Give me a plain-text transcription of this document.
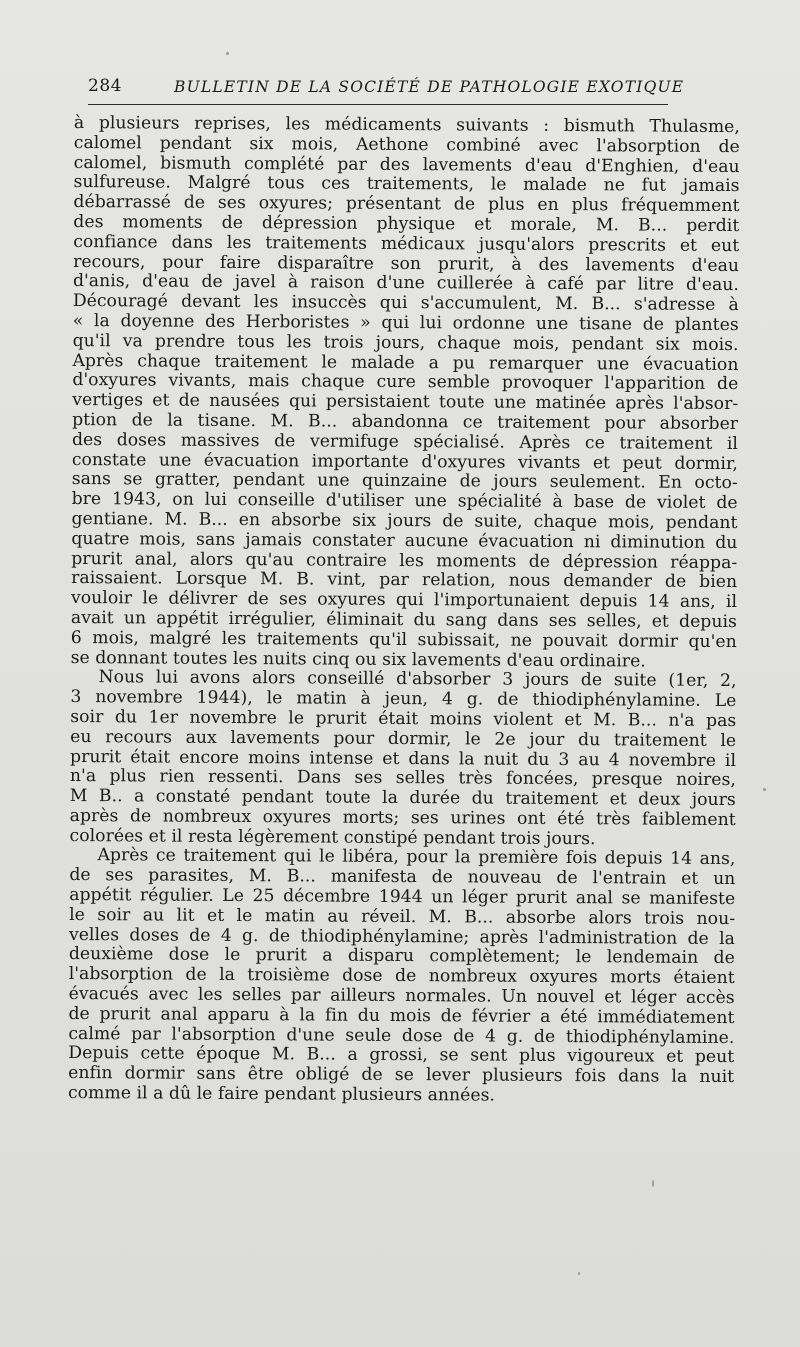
284	BULLETIN DE LA SOCIÉTÉ DE PATHOLOGIE EXOTIQUE
à plusieurs reprises, les médicaments suivants : bismuth Thulasme,
calomel pendant six mois, Aethone combiné avec l'absorption de
calomel, bismuth complété par des lavements d'eau d'Enghien, d'eau
sulfureuse. Malgré tous ces traitements, le malade ne fut jamais
débarrassé de ses oxyures; présentant de plus en plus fréquemment
des moments de dépression physique et morale, M. B... perdit
confiance dans les traitements médicaux jusqu'alors prescrits et eut
recours, pour faire disparaître son prurit, à des lavements d'eau
d'anis, d'eau de javel à raison d'une cuillerée à café par litre d'eau.
Découragé devant les insuccès qui s'accumulent, M. B... s'adresse à
« la doyenne des Herboristes » qui lui ordonne une tisane de plantes
qu'il va prendre tous les trois jours, chaque mois, pendant six mois.
Après chaque traitement le malade a pu remarquer une évacuation
d'oxyures vivants, mais chaque cure semble provoquer l'apparition de
vertiges et de nausées qui persistaient toute une matinée après l'absor-
ption de la tisane. M. B... abandonna ce traitement pour absorber
des doses massives de vermifuge spécialisé. Après ce traitement il
constate une évacuation importante d'oxyures vivants et peut dormir,
sans se gratter, pendant une quinzaine de jours seulement. En octo-
bre 1943, on lui conseille d'utiliser une spécialité à base de violet de
gentiane. M. B... en absorbe six jours de suite, chaque mois, pendant
quatre mois, sans jamais constater aucune évacuation ni diminution du
prurit anal, alors qu'au contraire les moments de dépression réappa-
raissaient. Lorsque M. B. vint, par relation, nous demander de bien
vouloir le délivrer de ses oxyures qui l'importunaient depuis 14 ans, il
avait un appétit irrégulier, éliminait du sang dans ses selles, et depuis
6 mois, malgré les traitements qu'il subissait, ne pouvait dormir qu'en
se donnant toutes les nuits cinq ou six lavements d'eau ordinaire.
Nous lui avons alors conseillé d'absorber 3 jours de suite (1er, 2,
3 novembre 1944), le matin à jeun, 4 g. de thiodiphénylamine. Le
soir du 1er novembre le prurit était moins violent et M. B... n'a pas
eu recours aux lavements pour dormir, le 2e jour du traitement le
prurit était encore moins intense et dans la nuit du 3 au 4 novembre il
n'a plus rien ressenti. Dans ses selles très foncées, presque noires,
M B.. a constaté pendant toute la durée du traitement et deux jours
après de nombreux oxyures morts; ses urines ont été très faiblement
colorées et il resta légèrement constipé pendant trois jours.
Après ce traitement qui le libéra, pour la première fois depuis 14 ans,
de ses parasites, M. B... manifesta de nouveau de l'entrain et un
appétit régulier. Le 25 décembre 1944 un léger prurit anal se manifeste
le soir au lit et le matin au réveil. M. B... absorbe alors trois nou-
velles doses de 4 g. de thiodiphénylamine; après l'administration de la
deuxième dose le prurit a disparu complètement; le lendemain de
l'absorption de la troisième dose de nombreux oxyures morts étaient
évacués avec les selles par ailleurs normales. Un nouvel et léger accès
de prurit anal apparu à la fin du mois de février a été immédiatement
calmé par l'absorption d'une seule dose de 4 g. de thiodiphénylamine.
Depuis cette époque M. B... a grossi, se sent plus vigoureux et peut
enfin dormir sans être obligé de se lever plusieurs fois dans la nuit
comme il a dû le faire pendant plusieurs années.
